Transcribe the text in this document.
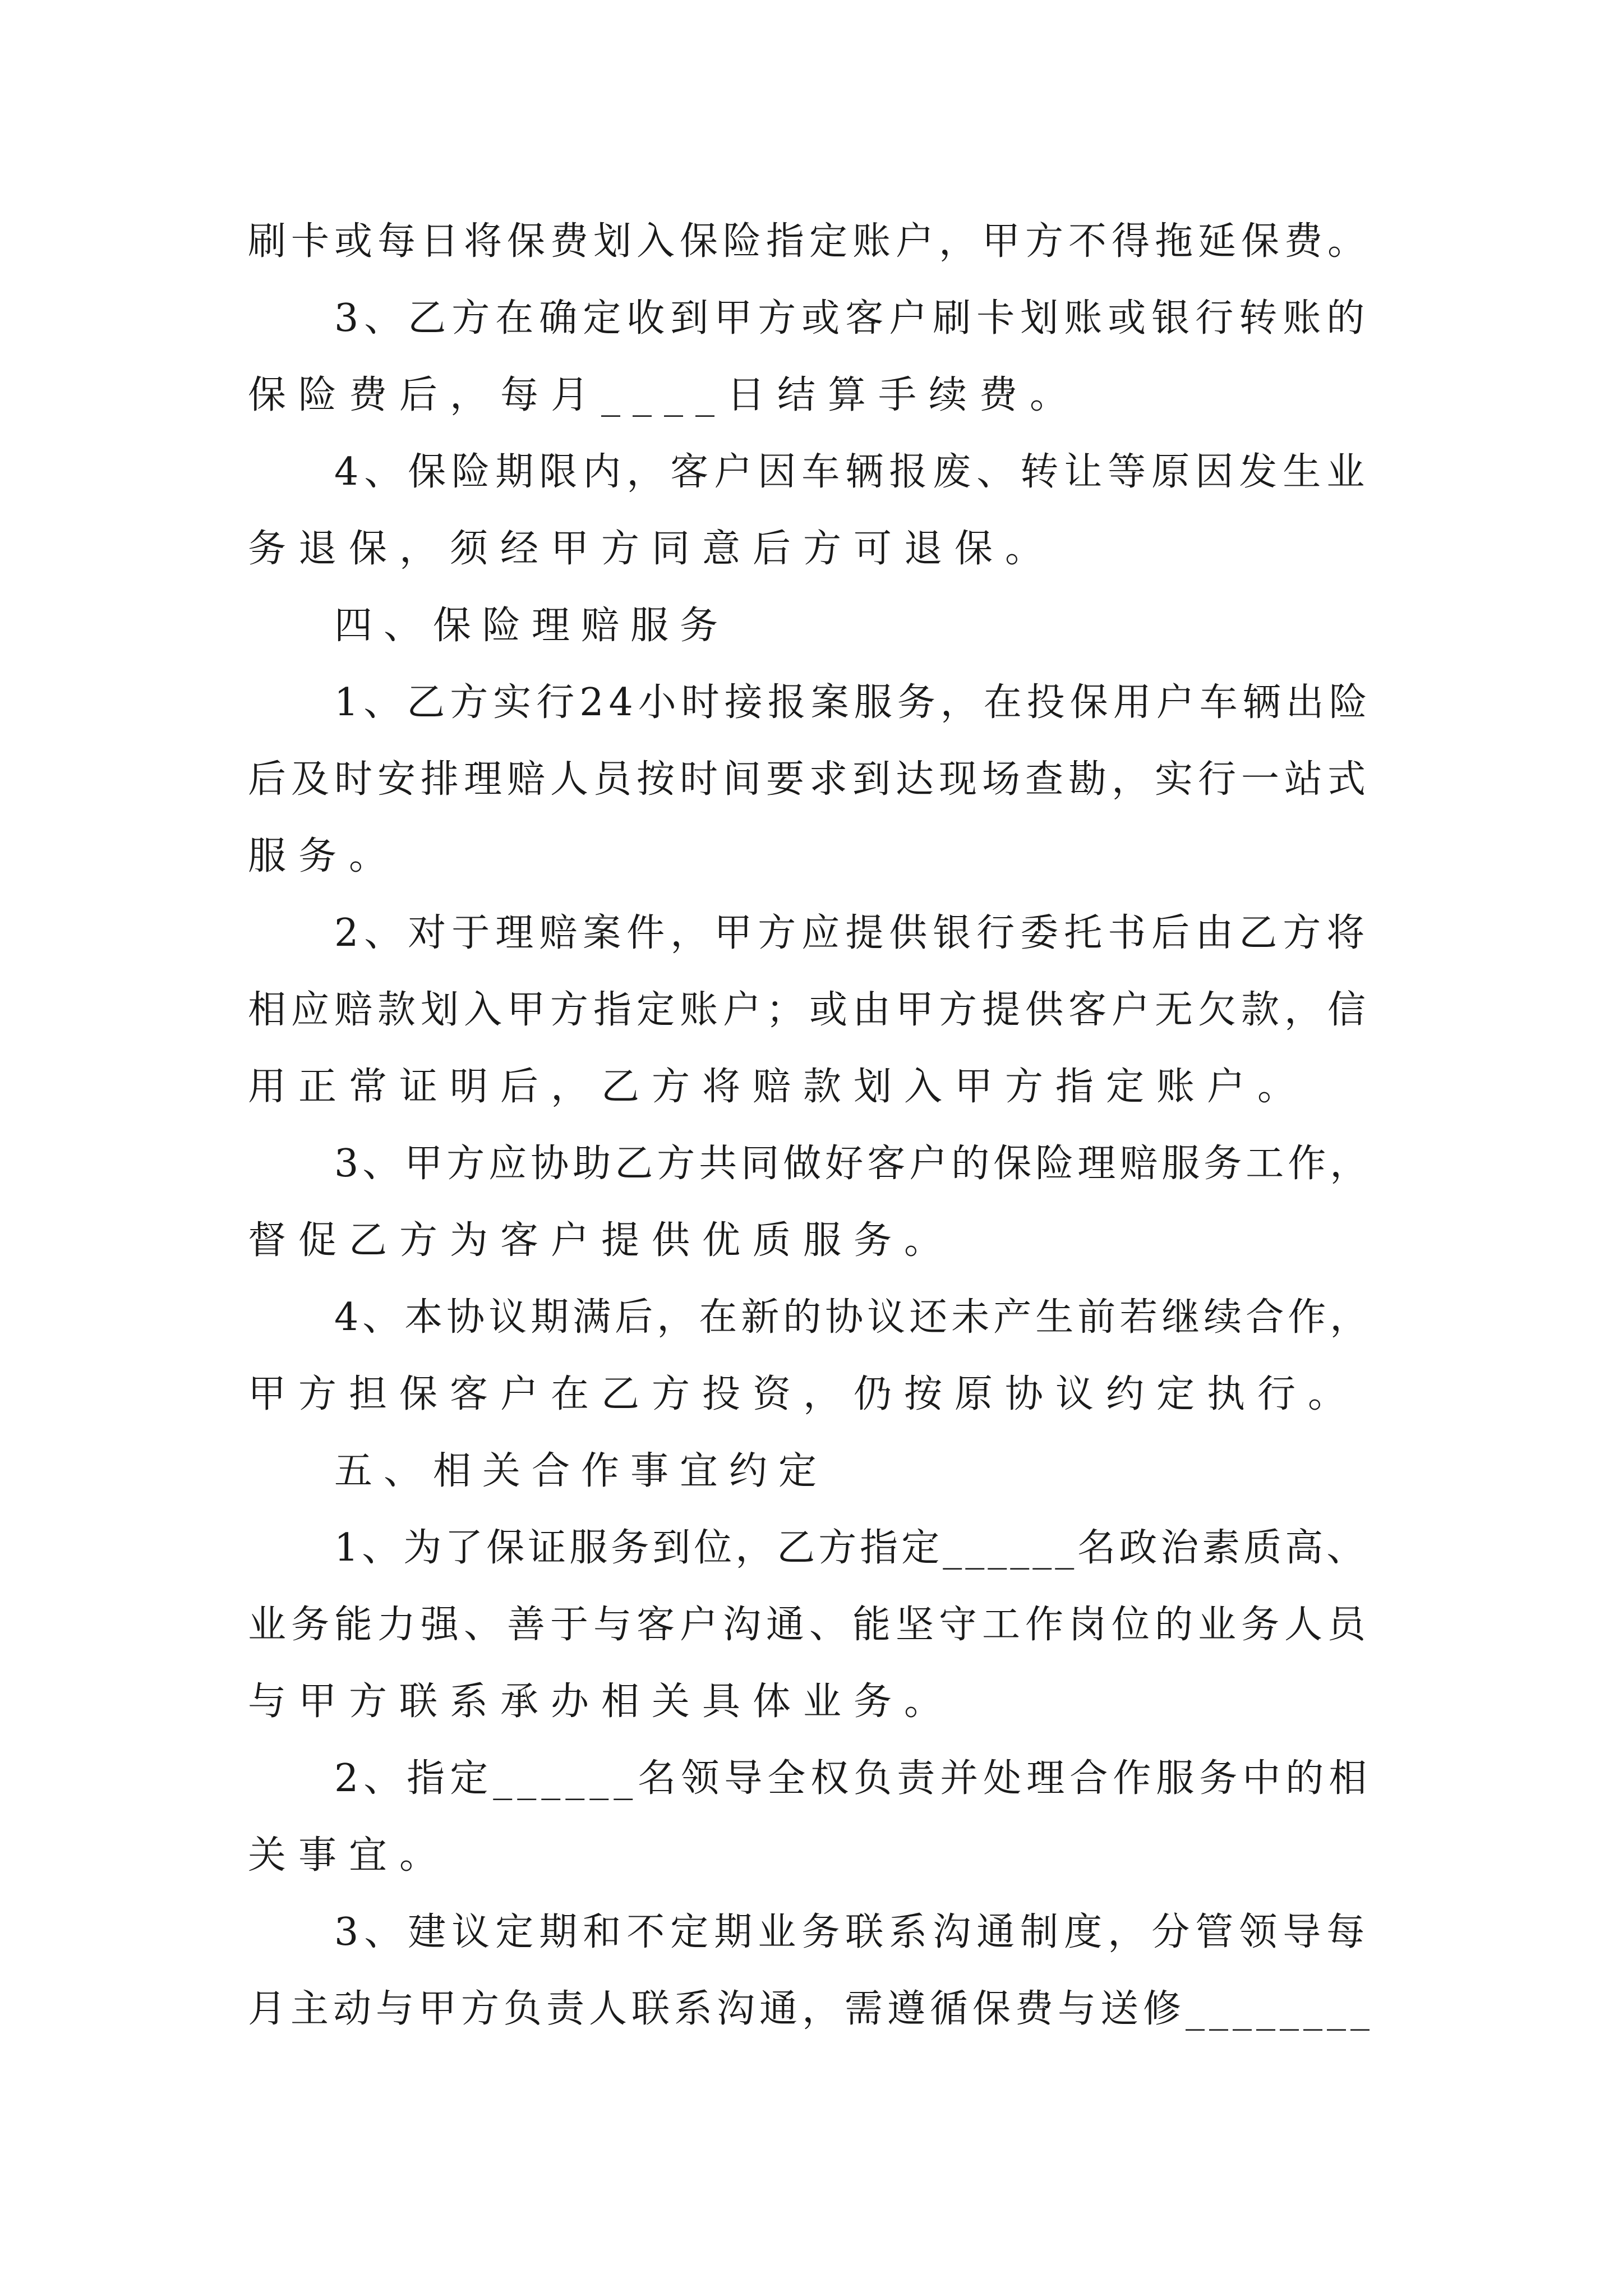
刷卡或每日将保费划入保险指定账户，甲方不得拖延保费。
3、乙方在确定收到甲方或客户刷卡划账或银行转账的
保险费后，每月____日结算手续费。
4、保险期限内，客户因车辆报废、转让等原因发生业
务退保，须经甲方同意后方可退保。
四、保险理赔服务
1、乙方实行24小时接报案服务，在投保用户车辆出险
后及时安排理赔人员按时间要求到达现场查勘，实行一站式
服务。
2、对于理赔案件，甲方应提供银行委托书后由乙方将
相应赔款划入甲方指定账户；或由甲方提供客户无欠款，信
用正常证明后，乙方将赔款划入甲方指定账户。
3、甲方应协助乙方共同做好客户的保险理赔服务工作，
督促乙方为客户提供优质服务。
4、本协议期满后，在新的协议还未产生前若继续合作，
甲方担保客户在乙方投资，仍按原协议约定执行。
五、相关合作事宜约定
1、为了保证服务到位，乙方指定______名政治素质高、
业务能力强、善于与客户沟通、能坚守工作岗位的业务人员
与甲方联系承办相关具体业务。
2、指定______名领导全权负责并处理合作服务中的相
关事宜。
3、建议定期和不定期业务联系沟通制度，分管领导每
月主动与甲方负责人联系沟通，需遵循保费与送修________
